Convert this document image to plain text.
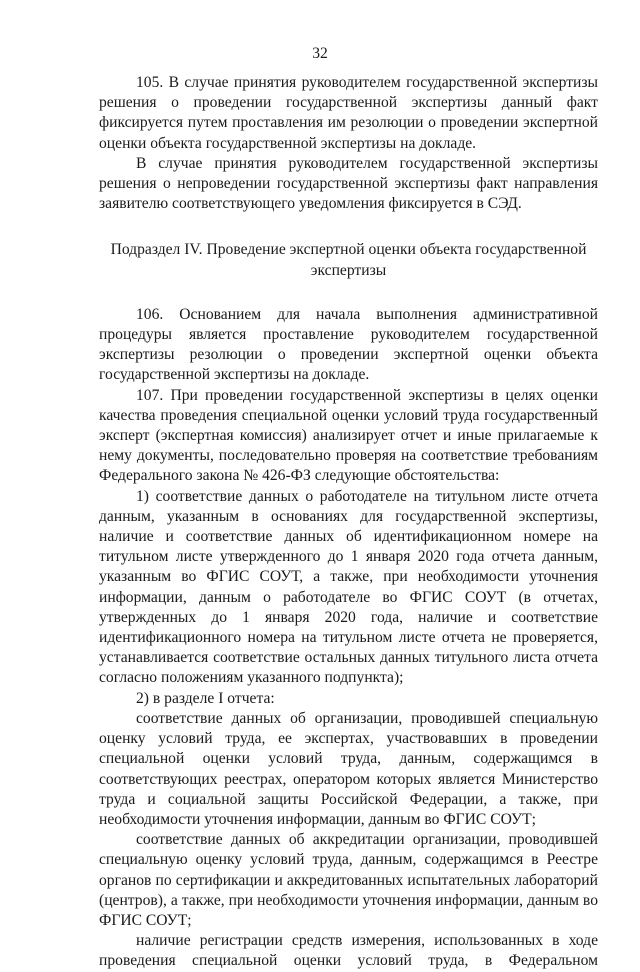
32

105. В случае принятия руководителем государственной экспертизы решения о проведении государственной экспертизы данный факт фиксируется путем проставления им резолюции о проведении экспертной оценки объекта государственной экспертизы на докладе.

В случае принятия руководителем государственной экспертизы решения о непроведении государственной экспертизы факт направления заявителю соответствующего уведомления фиксируется в СЭД.

Подраздел IV. Проведение экспертной оценки объекта государственной экспертизы

106. Основанием для начала выполнения административной процедуры является проставление руководителем государственной экспертизы резолюции о проведении экспертной оценки объекта государственной экспертизы на докладе.

107. При проведении государственной экспертизы в целях оценки качества проведения специальной оценки условий труда государственный эксперт (экспертная комиссия) анализирует отчет и иные прилагаемые к нему документы, последовательно проверяя на соответствие требованиям Федерального закона № 426-ФЗ следующие обстоятельства:

1) соответствие данных о работодателе на титульном листе отчета данным, указанным в основаниях для государственной экспертизы, наличие и соответствие данных об идентификационном номере на титульном листе утвержденного до 1 января 2020 года отчета данным, указанным во ФГИС СОУТ, а также, при необходимости уточнения информации, данным о работодателе во ФГИС СОУТ (в отчетах, утвержденных до 1 января 2020 года, наличие и соответствие идентификационного номера на титульном листе отчета не проверяется, устанавливается соответствие остальных данных титульного листа отчета согласно положениям указанного подпункта);

2) в разделе I отчета:

соответствие данных об организации, проводившей специальную оценку условий труда, ее экспертах, участвовавших в проведении специальной оценки условий труда, данным, содержащимся в соответствующих реестрах, оператором которых является Министерство труда и социальной защиты Российской Федерации, а также, при необходимости уточнения информации, данным во ФГИС СОУТ;

соответствие данных об аккредитации организации, проводившей специальную оценку условий труда, данным, содержащимся в Реестре органов по сертификации и аккредитованных испытательных лабораторий (центров), а также, при необходимости уточнения информации, данным во ФГИС СОУТ;

наличие регистрации средств измерения, использованных в ходе проведения специальной оценки условий труда, в Федеральном
